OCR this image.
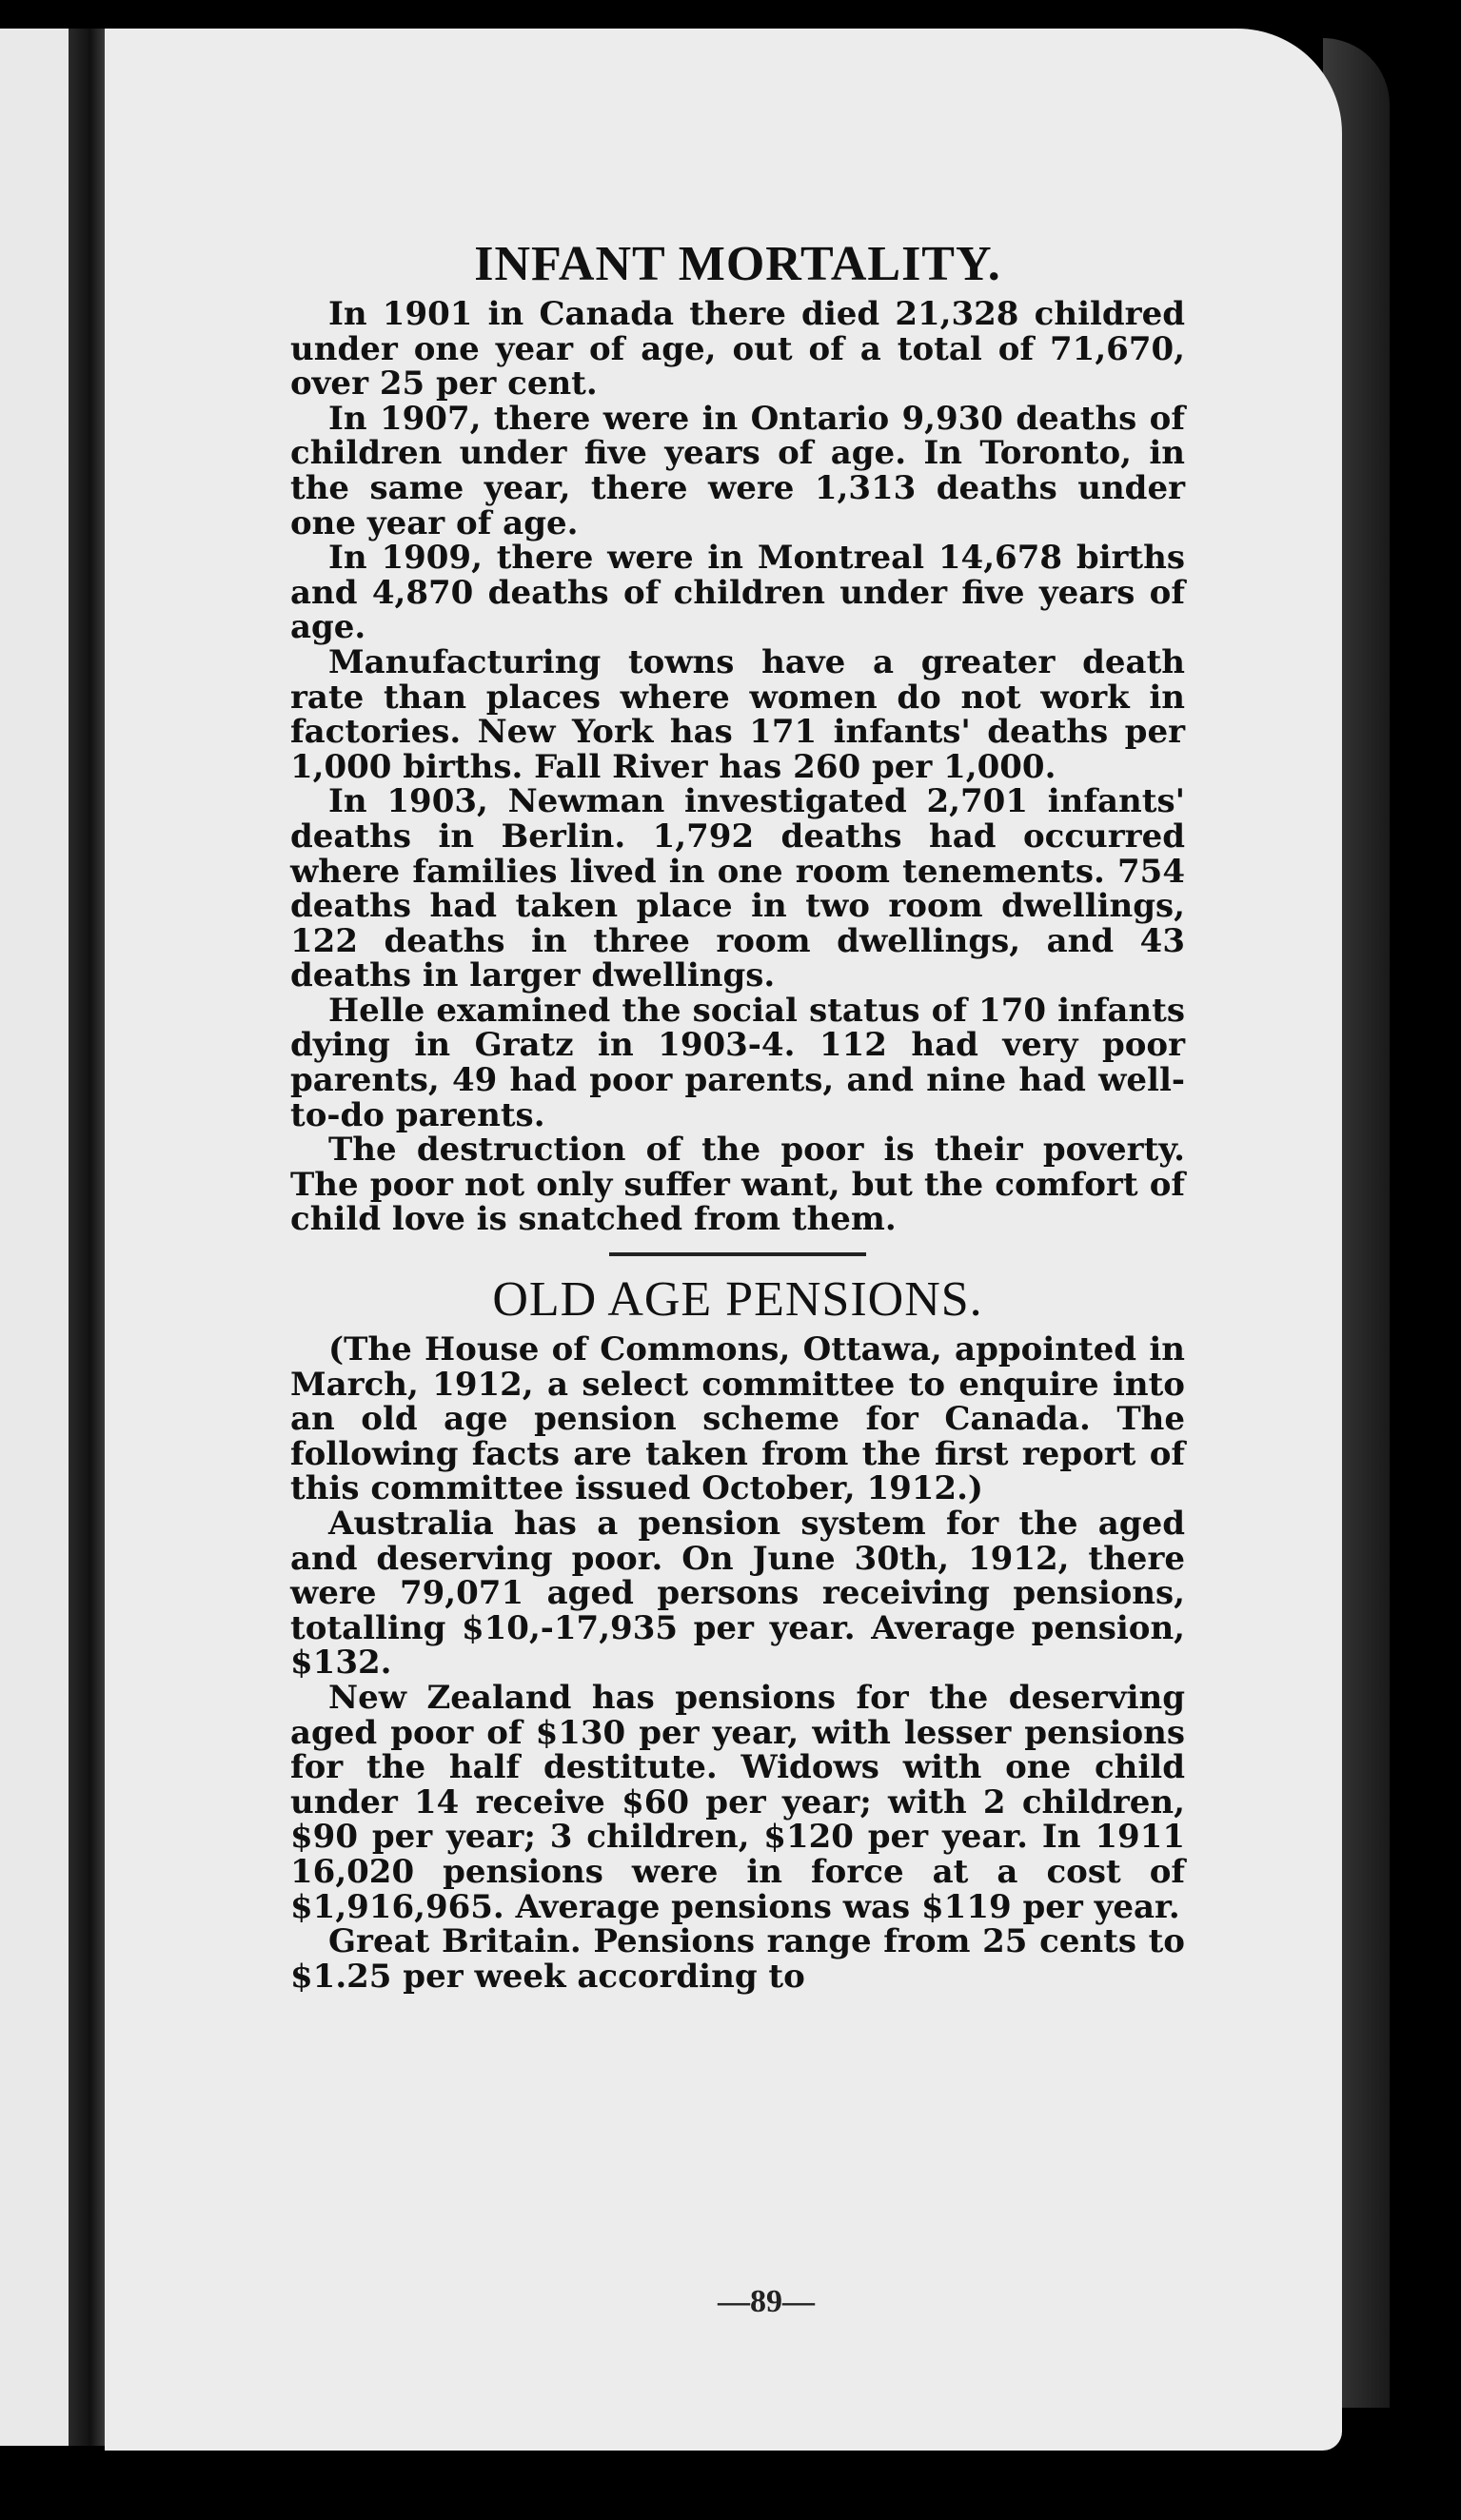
INFANT MORTALITY.

In 1901 in Canada there died 21,328 childred under one year of age, out of a total of 71,670, over 25 per cent.

In 1907, there were in Ontario 9,930 deaths of children under five years of age. In Toronto, in the same year, there were 1,313 deaths under one year of age.

In 1909, there were in Montreal 14,678 births and 4,870 deaths of children under five years of age.

Manufacturing towns have a greater death rate than places where women do not work in factories. New York has 171 infants' deaths per 1,000 births. Fall River has 260 per 1,000.

In 1903, Newman investigated 2,701 infants' deaths in Berlin. 1,792 deaths had occurred where families lived in one room tenements. 754 deaths had taken place in two room dwellings, 122 deaths in three room dwellings, and 43 deaths in larger dwellings.

Helle examined the social status of 170 infants dying in Gratz in 1903-4. 112 had very poor parents, 49 had poor parents, and nine had well-to-do parents.

The destruction of the poor is their poverty. The poor not only suffer want, but the comfort of child love is snatched from them.

OLD AGE PENSIONS.

(The House of Commons, Ottawa, appointed in March, 1912, a select committee to enquire into an old age pension scheme for Canada. The following facts are taken from the first report of this committee issued October, 1912.)

Australia has a pension system for the aged and deserving poor. On June 30th, 1912, there were 79,071 aged persons receiving pensions, totalling $10,-17,935 per year. Average pension, $132.

New Zealand has pensions for the deserving aged poor of $130 per year, with lesser pensions for the half destitute. Widows with one child under 14 receive $60 per year; with 2 children, $90 per year; 3 children, $120 per year. In 1911 16,020 pensions were in force at a cost of $1,916,965. Average pensions was $119 per year.

Great Britain. Pensions range from 25 cents to $1.25 per week according to

—89—
